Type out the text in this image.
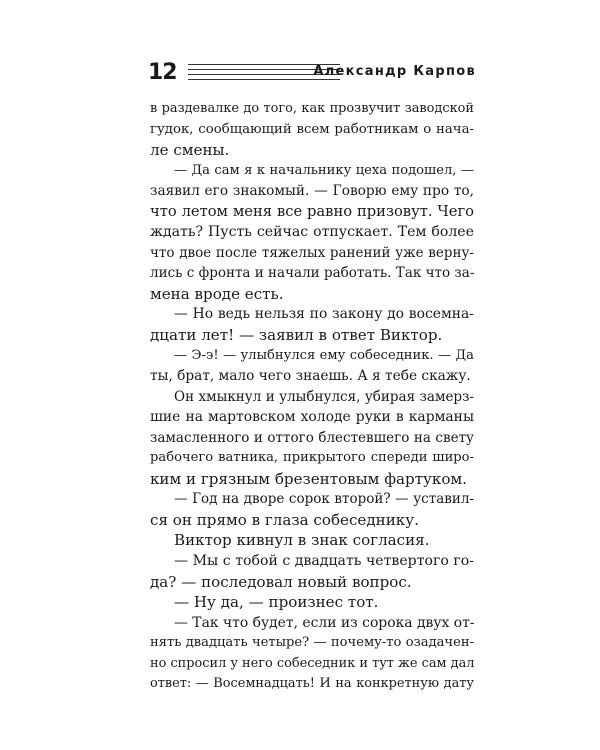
12	Александр Карпов
в раздевалке до того, как прозвучит заводской
гудок, сообщающий всем работникам о нача-
ле смены.
— Да сам я к начальнику цеха подошел, —
заявил его знакомый. — Говорю ему про то,
что летом меня все равно призовут. Чего
ждать? Пусть сейчас отпускает. Тем более
что двое после тяжелых ранений уже верну-
лись с фронта и начали работать. Так что за-
мена вроде есть.
— Но ведь нельзя по закону до восемна-
дцати лет! — заявил в ответ Виктор.
— Э-э! — улыбнулся ему собеседник. — Да
ты, брат, мало чего знаешь. А я тебе скажу.
Он хмыкнул и улыбнулся, убирая замерз-
шие на мартовском холоде руки в карманы
замасленного и оттого блестевшего на свету
рабочего ватника, прикрытого спереди широ-
ким и грязным брезентовым фартуком.
— Год на дворе сорок второй? — уставил-
ся он прямо в глаза собеседнику.
Виктор кивнул в знак согласия.
— Мы с тобой с двадцать четвертого го-
да? — последовал новый вопрос.
— Ну да, — произнес тот.
— Так что будет, если из сорока двух от-
нять двадцать четыре? — почему-то озадачен-
но спросил у него собеседник и тут же сам дал
ответ: — Восемнадцать! И на конкретную дату
